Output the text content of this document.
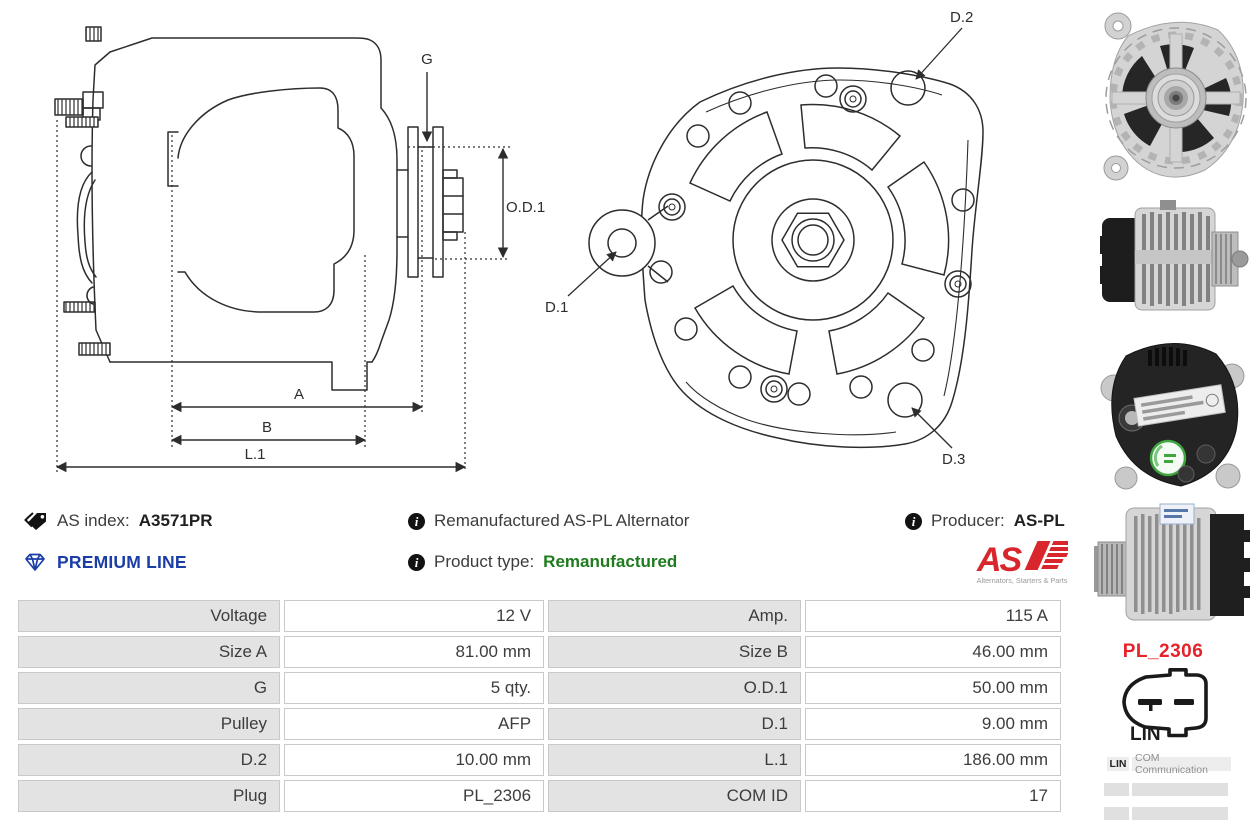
G
O.D.1
A
B
L.1
D.2
D.1
D.3
AS index: A3571PR
PREMIUM LINE
i Remanufactured AS-PL Alternator
i Product type: Remanufactured
i Producer: AS-PL
AS
Alternators, Starters & Parts
Voltage	12 V	Amp.	115 A
Size A	81.00 mm	Size B	46.00 mm
G	5 qty.	O.D.1	50.00 mm
Pulley	AFP	D.1	9.00 mm
D.2	10.00 mm	L.1	186.00 mm
Plug	PL_2306	COM ID	17
PL_2306
LIN
LIN COM Communication
